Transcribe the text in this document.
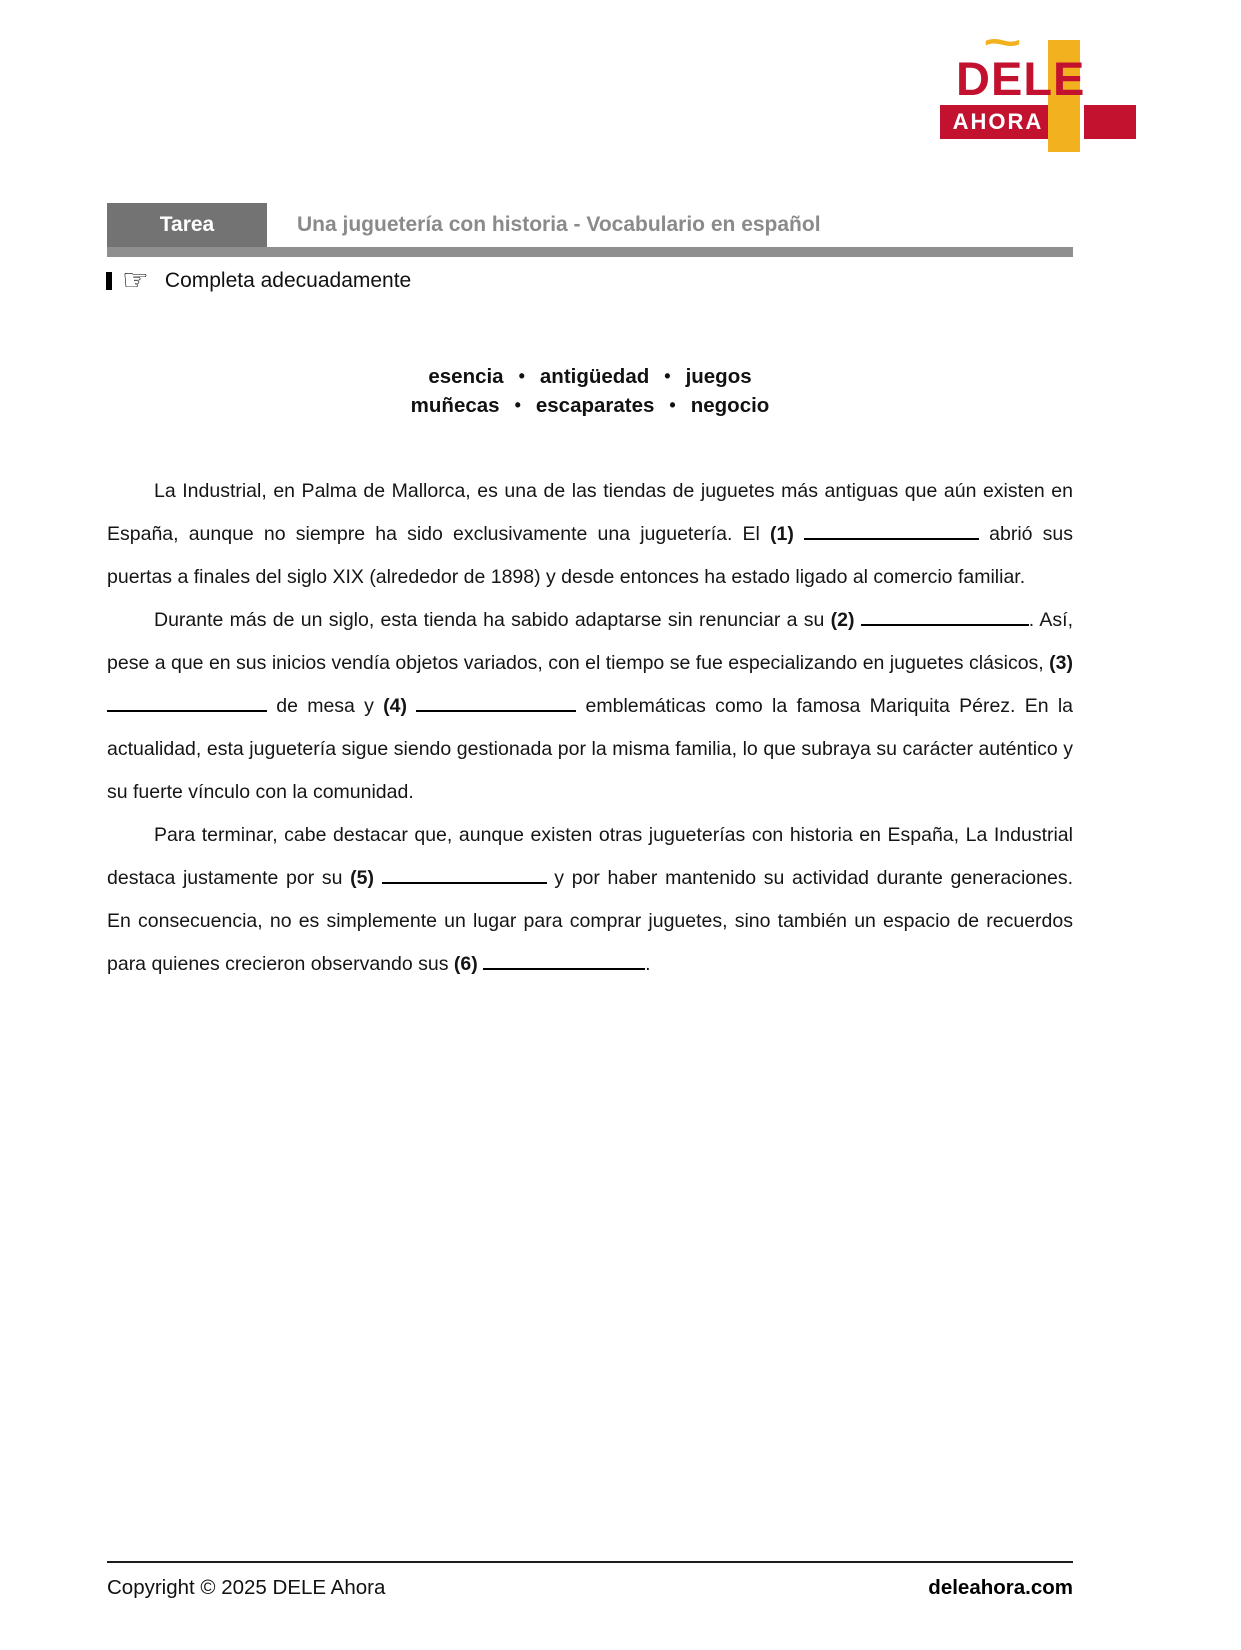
AHORA
D
~
ELE
Tarea	Una juguetería con historia - Vocabulario en español
☞ Completa adecuadamente
esencia • antigüedad • juegos
muñecas • escaparates • negocio

La Industrial, en Palma de Mallorca, es una de las tiendas de juguetes más antiguas que aún existen en España, aunque no siempre ha sido exclusivamente una juguetería. El (1)	abrió sus puertas a finales del siglo XIX (alrededor de 1898) y desde entonces ha estado ligado al comercio familiar.

Durante más de un siglo, esta tienda ha sabido adaptarse sin renunciar a su (2)	. Así, pese a que en sus inicios vendía objetos variados, con el tiempo se fue especializando en juguetes clásicos, (3)  de mesa y (4)	emblemáticas como la famosa Mariquita Pérez. En la actualidad, esta juguetería sigue siendo gestionada por la misma familia, lo que subraya su carácter auténtico y su fuerte vínculo con la comunidad.

Para terminar, cabe destacar que, aunque existen otras jugueterías con historia en España, La Industrial destaca justamente por su (5)	y por haber mantenido su actividad durante generaciones. En consecuencia, no es simplemente un lugar para comprar juguetes, sino también un espacio de recuerdos para quienes crecieron observando sus (6)	.

Copyright © 2025 DELE Ahora	deleahora.com
